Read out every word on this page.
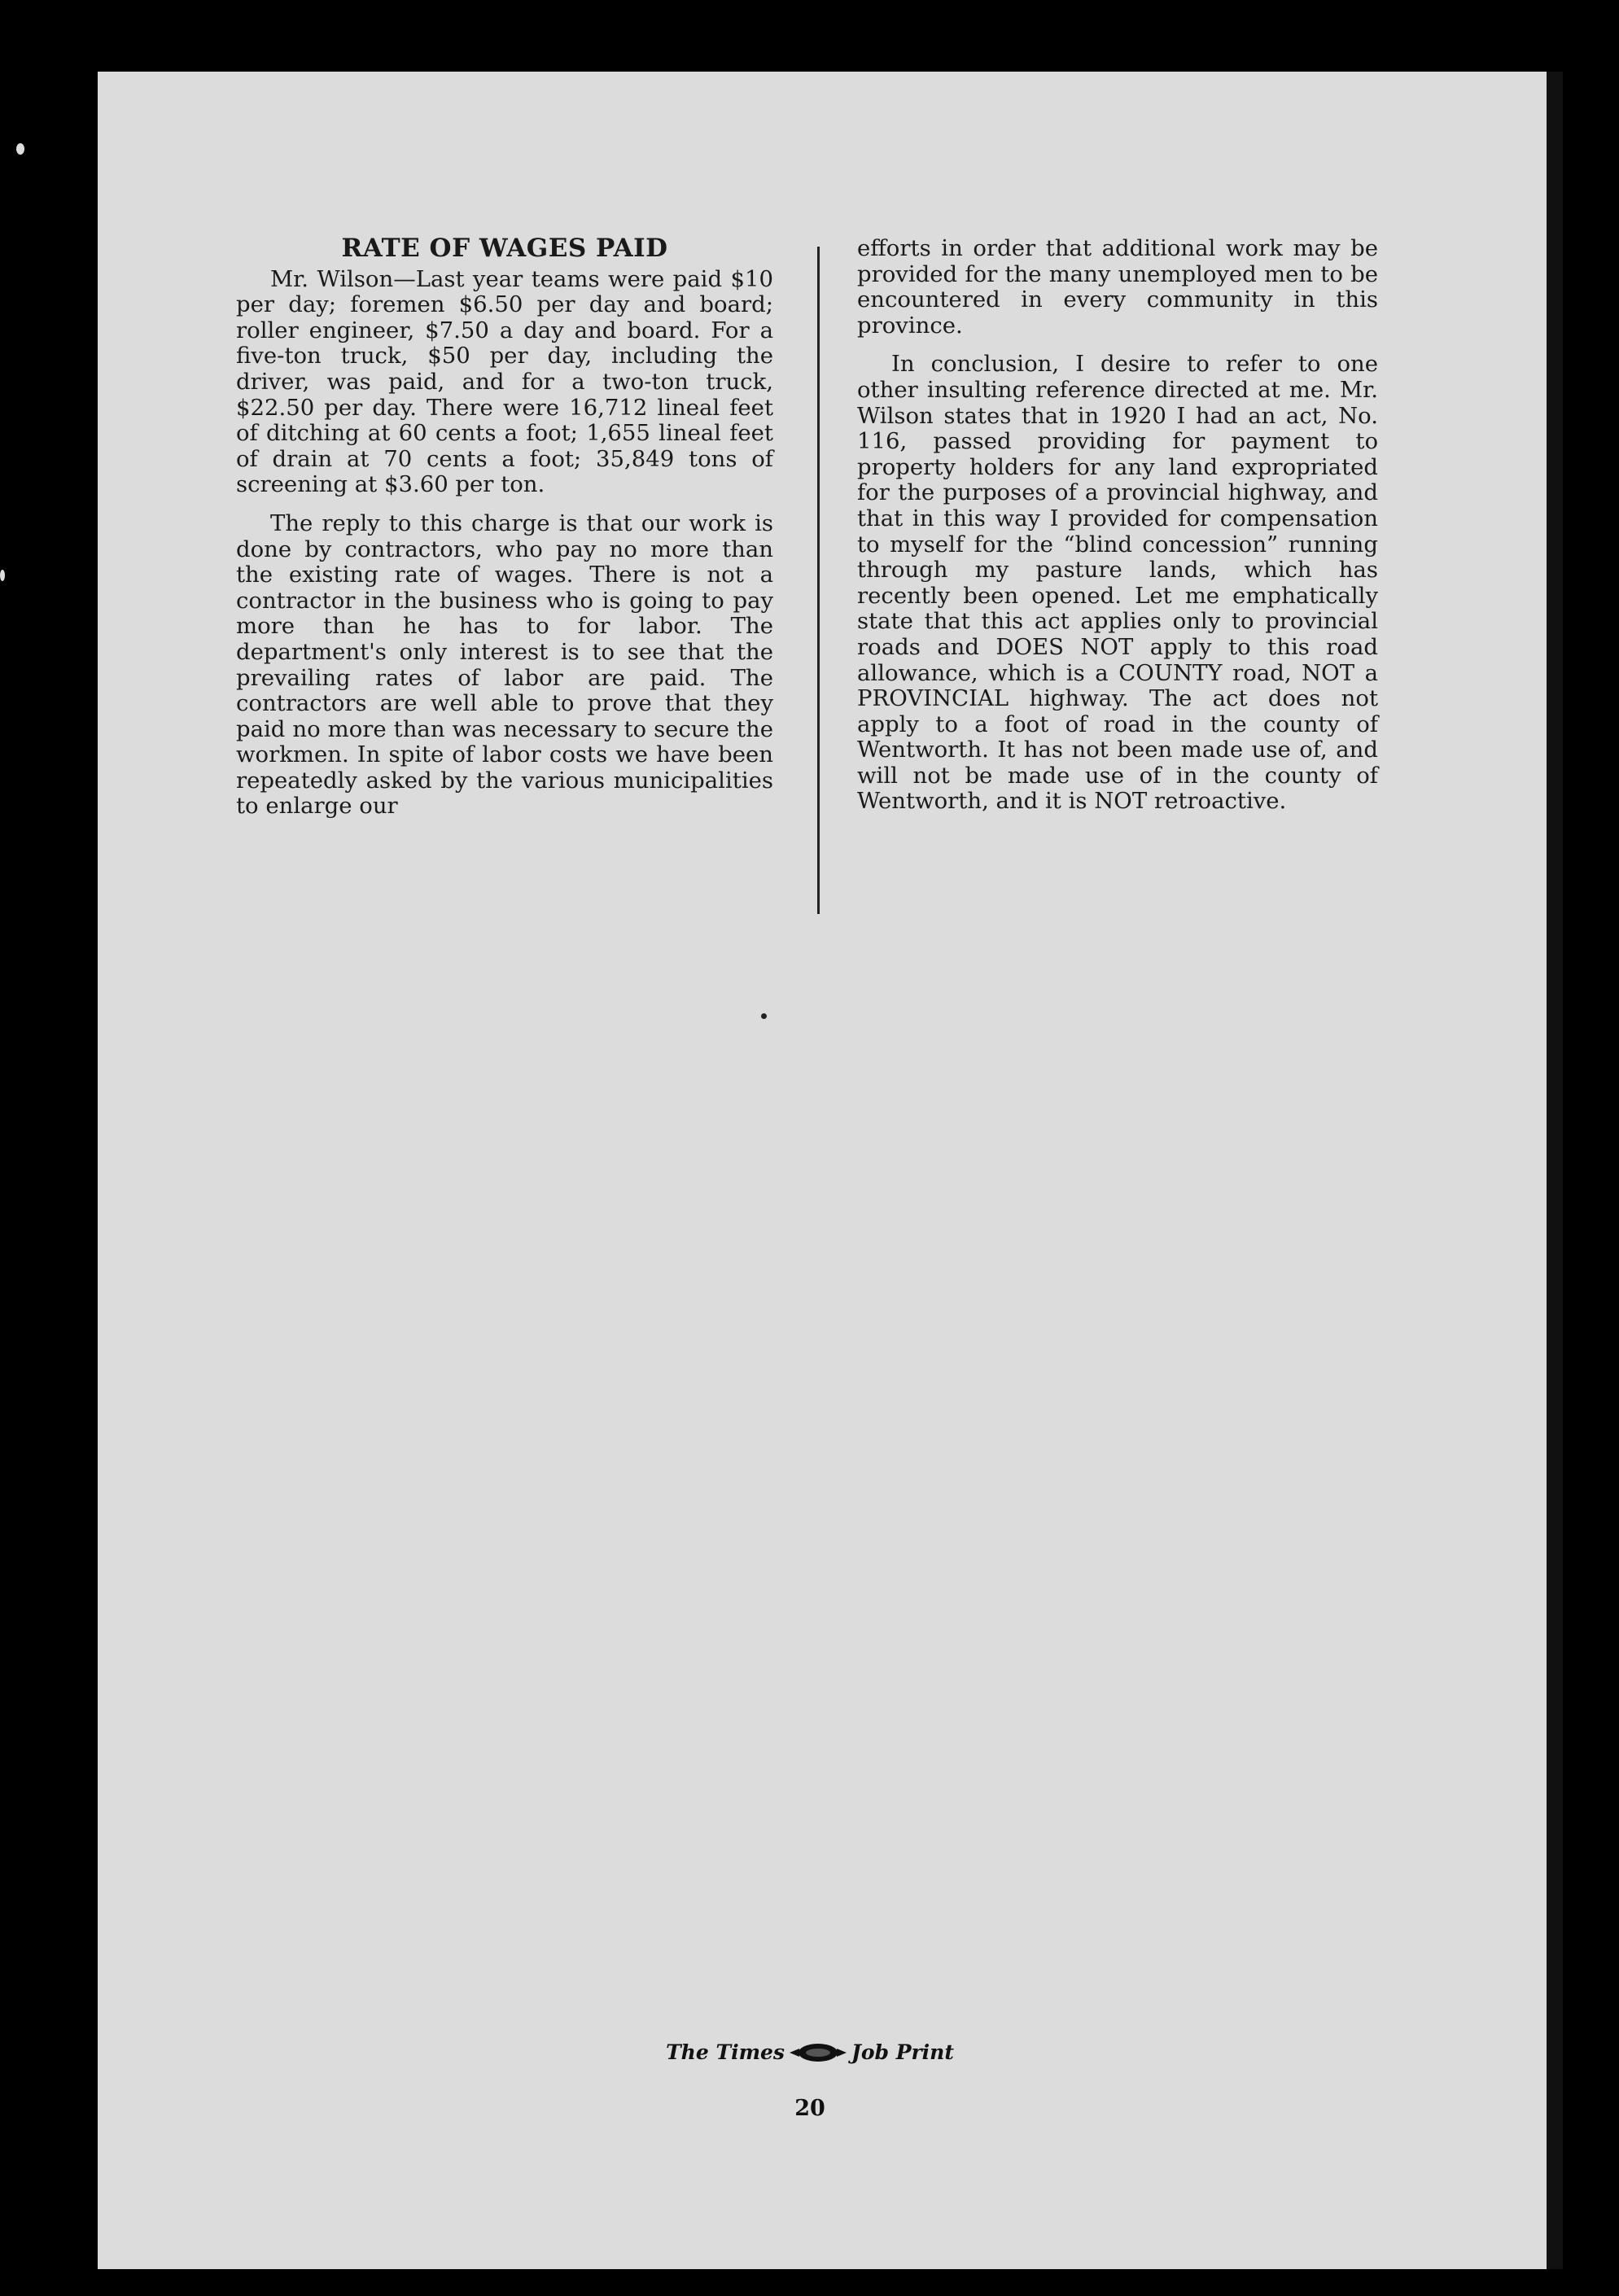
RATE OF WAGES PAID

Mr. Wilson—Last year teams were paid $10 per day; foremen $6.50 per day and board; roller engineer, $7.50 a day and board. For a five-ton truck, $50 per day, including the driver, was paid, and for a two-ton truck, $22.50 per day. There were 16,712 lineal feet of ditching at 60 cents a foot; 1,655 lineal feet of drain at 70 cents a foot; 35,849 tons of screening at $3.60 per ton.

The reply to this charge is that our work is done by contractors, who pay no more than the existing rate of wages. There is not a contractor in the business who is going to pay more than he has to for labor. The department's only interest is to see that the prevailing rates of labor are paid. The contractors are well able to prove that they paid no more than was necessary to secure the workmen. In spite of labor costs we have been repeatedly asked by the various municipalities to enlarge our

efforts in order that additional work may be provided for the many unemployed men to be encountered in every community in this province.

In conclusion, I desire to refer to one other insulting reference directed at me. Mr. Wilson states that in 1920 I had an act, No. 116, passed providing for payment to property holders for any land expropriated for the purposes of a provincial highway, and that in this way I provided for compensation to myself for the “blind concession” running through my pasture lands, which has recently been opened. Let me emphatically state that this act applies only to provincial roads and DOES NOT apply to this road allowance, which is a COUNTY road, NOT a PROVINCIAL highway. The act does not apply to a foot of road in the county of Wentworth. It has not been made use of, and will not be made use of in the county of Wentworth, and it is NOT retroactive.

The Times	Job Print
20
